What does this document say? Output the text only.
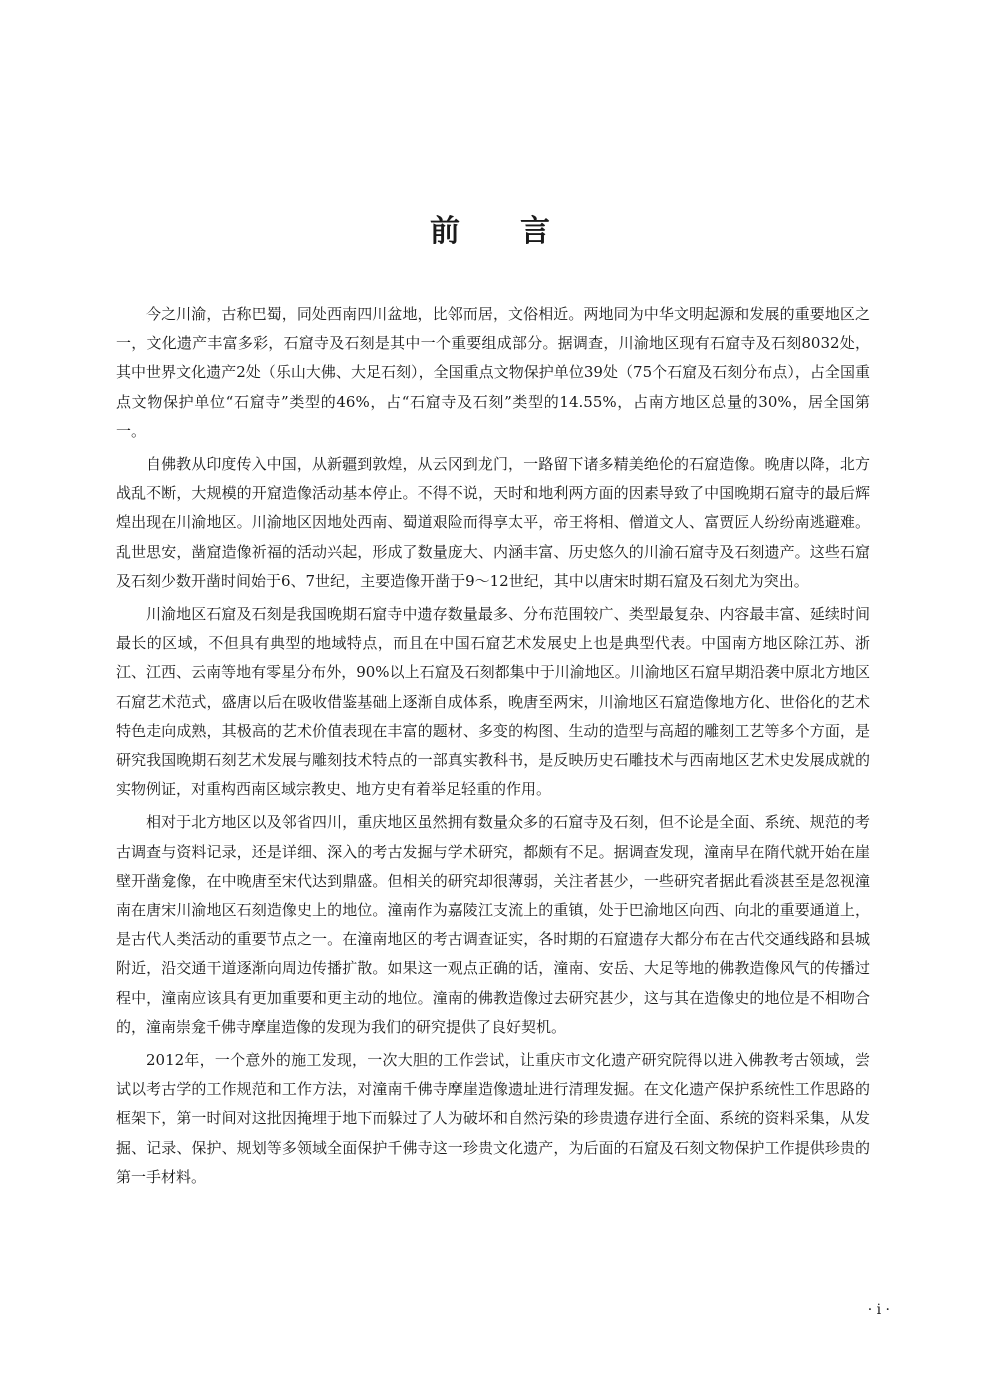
前 言

今之川渝，古称巴蜀，同处西南四川盆地，比邻而居，文俗相近。两地同为中华文明起源和发展的重要地区之一，文化遗产丰富多彩，石窟寺及石刻是其中一个重要组成部分。据调查，川渝地区现有石窟寺及石刻8032处，其中世界文化遗产2处（乐山大佛、大足石刻），全国重点文物保护单位39处（75个石窟及石刻分布点），占全国重点文物保护单位“石窟寺”类型的46%，占“石窟寺及石刻”类型的14.55%，占南方地区总量的30%，居全国第一。

自佛教从印度传入中国，从新疆到敦煌，从云冈到龙门，一路留下诸多精美绝伦的石窟造像。晚唐以降，北方战乱不断，大规模的开窟造像活动基本停止。不得不说，天时和地利两方面的因素导致了中国晚期石窟寺的最后辉煌出现在川渝地区。川渝地区因地处西南、蜀道艰险而得享太平，帝王将相、僧道文人、富贾匠人纷纷南逃避难。乱世思安，凿窟造像祈福的活动兴起，形成了数量庞大、内涵丰富、历史悠久的川渝石窟寺及石刻遗产。这些石窟及石刻少数开凿时间始于6、7世纪，主要造像开凿于9～12世纪，其中以唐宋时期石窟及石刻尤为突出。

川渝地区石窟及石刻是我国晚期石窟寺中遗存数量最多、分布范围较广、类型最复杂、内容最丰富、延续时间最长的区域，不但具有典型的地域特点，而且在中国石窟艺术发展史上也是典型代表。中国南方地区除江苏、浙江、江西、云南等地有零星分布外，90%以上石窟及石刻都集中于川渝地区。川渝地区石窟早期沿袭中原北方地区石窟艺术范式，盛唐以后在吸收借鉴基础上逐渐自成体系，晚唐至两宋，川渝地区石窟造像地方化、世俗化的艺术特色走向成熟，其极高的艺术价值表现在丰富的题材、多变的构图、生动的造型与高超的雕刻工艺等多个方面，是研究我国晚期石刻艺术发展与雕刻技术特点的一部真实教科书，是反映历史石雕技术与西南地区艺术史发展成就的实物例证，对重构西南区域宗教史、地方史有着举足轻重的作用。

相对于北方地区以及邻省四川，重庆地区虽然拥有数量众多的石窟寺及石刻，但不论是全面、系统、规范的考古调查与资料记录，还是详细、深入的考古发掘与学术研究，都颇有不足。据调查发现，潼南早在隋代就开始在崖壁开凿龛像，在中晚唐至宋代达到鼎盛。但相关的研究却很薄弱，关注者甚少，一些研究者据此看淡甚至是忽视潼南在唐宋川渝地区石刻造像史上的地位。潼南作为嘉陵江支流上的重镇，处于巴渝地区向西、向北的重要通道上，是古代人类活动的重要节点之一。在潼南地区的考古调查证实，各时期的石窟遗存大都分布在古代交通线路和县城附近，沿交通干道逐渐向周边传播扩散。如果这一观点正确的话，潼南、安岳、大足等地的佛教造像风气的传播过程中，潼南应该具有更加重要和更主动的地位。潼南的佛教造像过去研究甚少，这与其在造像史的地位是不相吻合的，潼南崇龛千佛寺摩崖造像的发现为我们的研究提供了良好契机。

2012年，一个意外的施工发现，一次大胆的工作尝试，让重庆市文化遗产研究院得以进入佛教考古领域，尝试以考古学的工作规范和工作方法，对潼南千佛寺摩崖造像遗址进行清理发掘。在文化遗产保护系统性工作思路的框架下，第一时间对这批因掩埋于地下而躲过了人为破坏和自然污染的珍贵遗存进行全面、系统的资料采集，从发掘、记录、保护、规划等多领域全面保护千佛寺这一珍贵文化遗产，为后面的石窟及石刻文物保护工作提供珍贵的第一手材料。

· i ·
